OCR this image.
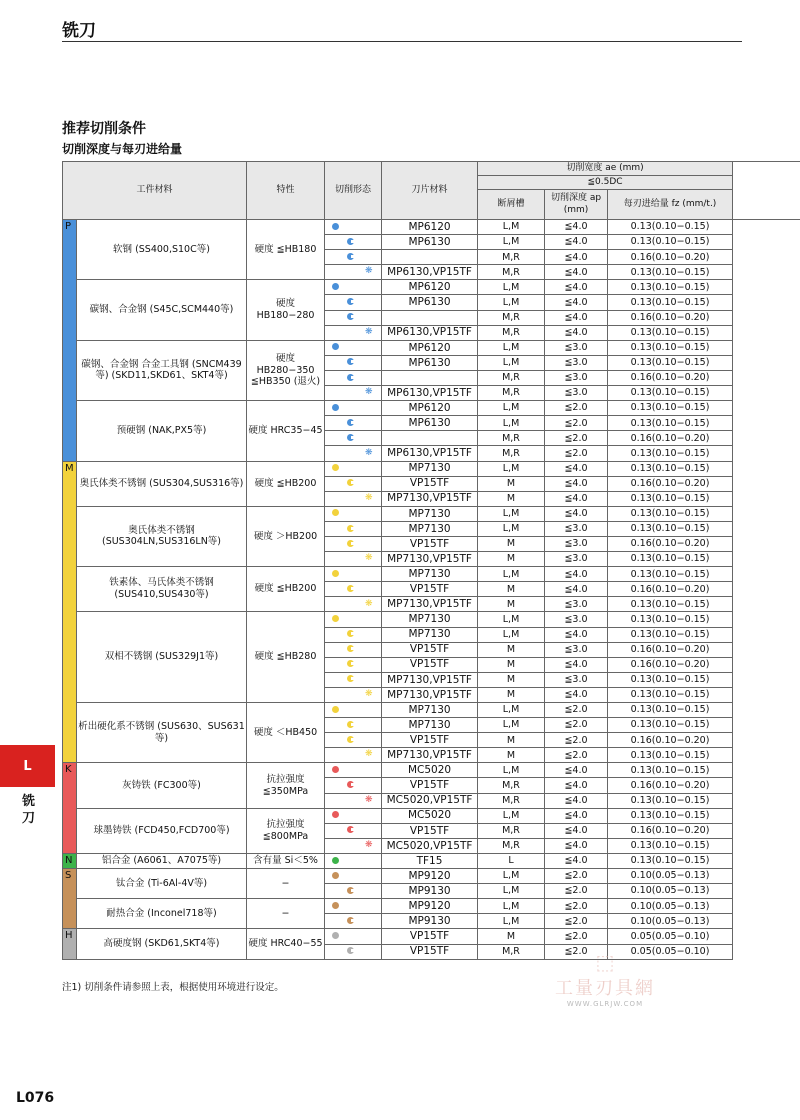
铣刀
推荐切削条件
切削深度与每刃进给量
工件材料		特性	切削形态	刀片材料	切削宽度 ae (mm)			
					≦0.5DC			
					断屑槽	切削深度 ap (mm)	每刃进给量 fz (mm/t.)	
P	软钢 (SS400,S10C等)	硬度 ≦HB180		MP6120	L,M	≦4.0	0.13(0.10−0.15)	
				MP6130	L,M	≦4.0	0.13(0.10−0.15)	
					M,R	≦4.0	0.16(0.10−0.20)	
			❋	MP6130,VP15TF	M,R	≦4.0	0.13(0.10−0.15)	
	碳钢、合金钢 (S45C,SCM440等)	硬度 HB180−280		MP6120	L,M	≦4.0	0.13(0.10−0.15)	
				MP6130	L,M	≦4.0	0.13(0.10−0.15)	
					M,R	≦4.0	0.16(0.10−0.20)	
			❋	MP6130,VP15TF	M,R	≦4.0	0.13(0.10−0.15)	
	碳钢、合金钢 合金工具钢 (SNCM439等) (SKD11,SKD61、SKT4等)	硬度 HB280−350 ≦HB350 (退火)		MP6120	L,M	≦3.0	0.13(0.10−0.15)	
				MP6130	L,M	≦3.0	0.13(0.10−0.15)	
					M,R	≦3.0	0.16(0.10−0.20)	
			❋	MP6130,VP15TF	M,R	≦3.0	0.13(0.10−0.15)	
	预硬钢 (NAK,PX5等)	硬度 HRC35−45		MP6120	L,M	≦2.0	0.13(0.10−0.15)	
				MP6130	L,M	≦2.0	0.13(0.10−0.15)	
					M,R	≦2.0	0.16(0.10−0.20)	
			❋	MP6130,VP15TF	M,R	≦2.0	0.13(0.10−0.15)	
M	奥氏体类不锈钢 (SUS304,SUS316等)	硬度 ≦HB200		MP7130	L,M	≦4.0	0.13(0.10−0.15)	
				VP15TF	M	≦4.0	0.16(0.10−0.20)	
			❋	MP7130,VP15TF	M	≦4.0	0.13(0.10−0.15)	
	奥氏体类不锈钢 (SUS304LN,SUS316LN等)	硬度 ＞HB200		MP7130	L,M	≦4.0	0.13(0.10−0.15)	
				MP7130	L,M	≦3.0	0.13(0.10−0.15)	
				VP15TF	M	≦3.0	0.16(0.10−0.20)	
			❋	MP7130,VP15TF	M	≦3.0	0.13(0.10−0.15)	
	铁素体、马氏体类不锈钢 (SUS410,SUS430等)	硬度 ≦HB200		MP7130	L,M	≦4.0	0.13(0.10−0.15)	
				VP15TF	M	≦4.0	0.16(0.10−0.20)	
			❋	MP7130,VP15TF	M	≦3.0	0.13(0.10−0.15)	
	双相不锈钢 (SUS329J1等)	硬度 ≦HB280		MP7130	L,M	≦3.0	0.13(0.10−0.15)	
				MP7130	L,M	≦4.0	0.13(0.10−0.15)	
				VP15TF	M	≦3.0	0.16(0.10−0.20)	
				VP15TF	M	≦4.0	0.16(0.10−0.20)	
				MP7130,VP15TF	M	≦3.0	0.13(0.10−0.15)	
			❋	MP7130,VP15TF	M	≦4.0	0.13(0.10−0.15)	
	析出硬化系不锈钢 (SUS630、SUS631等)	硬度 ＜HB450		MP7130	L,M	≦2.0	0.13(0.10−0.15)	
				MP7130	L,M	≦2.0	0.13(0.10−0.15)	
				VP15TF	M	≦2.0	0.16(0.10−0.20)	
			❋	MP7130,VP15TF	M	≦2.0	0.13(0.10−0.15)	
K	灰铸铁 (FC300等)	抗拉强度 ≦350MPa		MC5020	L,M	≦4.0	0.13(0.10−0.15)	
				VP15TF	M,R	≦4.0	0.16(0.10−0.20)	
			❋	MC5020,VP15TF	M,R	≦4.0	0.13(0.10−0.15)	
	球墨铸铁 (FCD450,FCD700等)	抗拉强度 ≦800MPa		MC5020	L,M	≦4.0	0.13(0.10−0.15)	
				VP15TF	M,R	≦4.0	0.16(0.10−0.20)	
			❋	MC5020,VP15TF	M,R	≦4.0	0.13(0.10−0.15)	
N	铝合金 (A6061、A7075等)	含有量 Si＜5%		TF15	L	≦4.0	0.13(0.10−0.15)	
S	钛合金 (Ti-6Al-4V等)	−		MP9120	L,M	≦2.0	0.10(0.05−0.13)	
				MP9130	L,M	≦2.0	0.10(0.05−0.13)	
	耐热合金 (Inconel718等)	−		MP9120	L,M	≦2.0	0.10(0.05−0.13)	
				MP9130	L,M	≦2.0	0.10(0.05−0.13)	
H	高硬度钢 (SKD61,SKT4等)	硬度 HRC40−55		VP15TF	M	≦2.0	0.05(0.05−0.10)	
				VP15TF	M,R	≦2.0	0.05(0.05−0.10)	
注1) 切削条件请参照上表，根据使用环境进行设定。
L
铣刀
L076
⬚
工量刃具網
WWW.GLRJW.COM
